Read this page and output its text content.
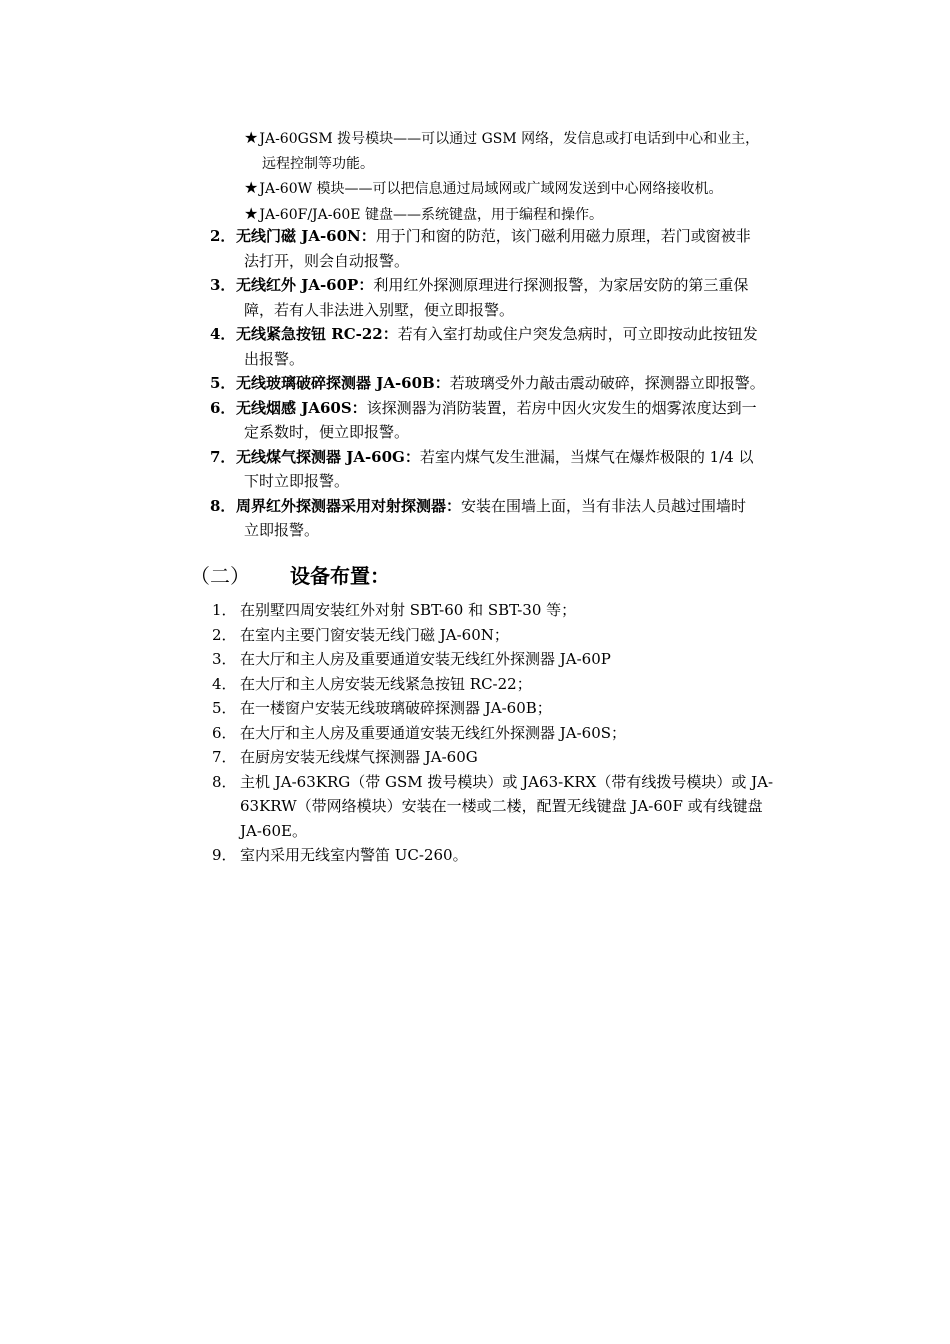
★JA-60GSM 拨号模块——可以通过 GSM 网络，发信息或打电话到中心和业主，
远程控制等功能。
★JA-60W 模块——可以把信息通过局域网或广域网发送到中心网络接收机。
★JA-60F/JA-60E 键盘——系统键盘，用于编程和操作。
2． 无线门磁 JA-60N：用于门和窗的防范，该门磁利用磁力原理，若门或窗被非
法打开，则会自动报警。
3． 无线红外 JA-60P：利用红外探测原理进行探测报警，为家居安防的第三重保
障，若有人非法进入别墅，便立即报警。
4． 无线紧急按钮 RC-22：若有入室打劫或住户突发急病时，可立即按动此按钮发
出报警。
5． 无线玻璃破碎探测器 JA-60B：若玻璃受外力敲击震动破碎，探测器立即报警。
6． 无线烟感 JA60S：该探测器为消防装置，若房中因火灾发生的烟雾浓度达到一
定系数时，便立即报警。
7． 无线煤气探测器 JA-60G：若室内煤气发生泄漏，当煤气在爆炸极限的 1/4 以
下时立即报警。
8． 周界红外探测器采用对射探测器：安装在围墙上面，当有非法人员越过围墙时
立即报警。
（二） 设备布置：
1． 在别墅四周安装红外对射 SBT-60 和 SBT-30 等；
2． 在室内主要门窗安装无线门磁 JA-60N；
3． 在大厅和主人房及重要通道安装无线红外探测器 JA-60P
4． 在大厅和主人房安装无线紧急按钮 RC-22；
5． 在一楼窗户安装无线玻璃破碎探测器 JA-60B；
6． 在大厅和主人房及重要通道安装无线红外探测器 JA-60S；
7． 在厨房安装无线煤气探测器 JA-60G
8． 主机 JA-63KRG（带 GSM 拨号模块）或 JA63-KRX（带有线拨号模块）或 JA-
63KRW（带网络模块）安装在一楼或二楼，配置无线键盘 JA-60F 或有线键盘
JA-60E。
9． 室内采用无线室内警笛 UC-260。
